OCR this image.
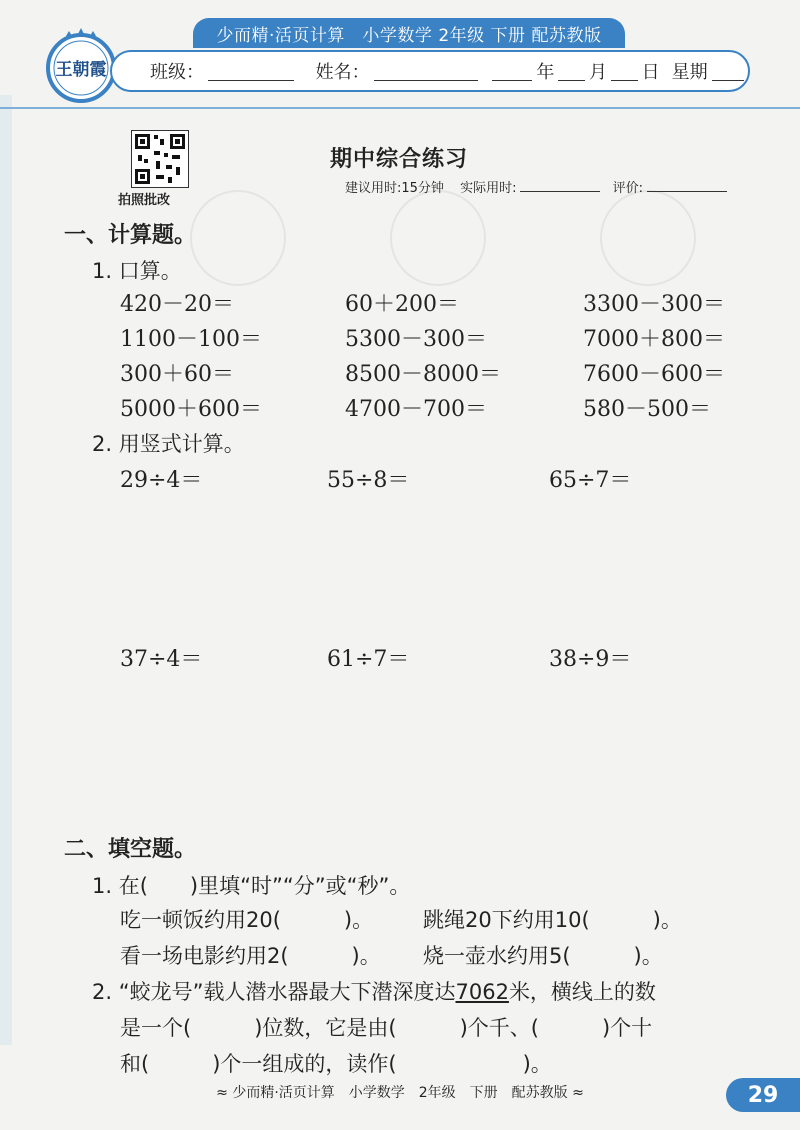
少而精·活页计算　小学数学 2年级 下册 配苏教版
王朝霞 班级：	姓名：	年 月 日 星期
拍照批改
期中综合练习
建议用时:15分钟 实际用时:	评价:
一、计算题。
1. 口算。
420－20＝	60＋200＝	3300－300＝
1100－100＝	5300－300＝	7000＋800＝
300＋60＝	8500－8000＝	7600－600＝
5000＋600＝	4700－700＝	580－500＝
2. 用竖式计算。
29÷4＝	55÷8＝	65÷7＝
37÷4＝	61÷7＝	38÷9＝
二、填空题。
1. 在(　　)里填“时”“分”或“秒”。
吃一顿饭约用20(　　　)。 跳绳20下约用10(　　　)。
看一场电影约用2(　　　)。 烧一壶水约用5(　　　)。
2. “蛟龙号”载人潜水器最大下潜深度达7062米，横线上的数
是一个(　　　)位数，它是由(　　　)个千、(　　　)个十
和(　　　)个一组成的，读作(　　　　　　)。
≈ 少而精·活页计算　小学数学　2年级　下册　配苏教版 ≈	29
